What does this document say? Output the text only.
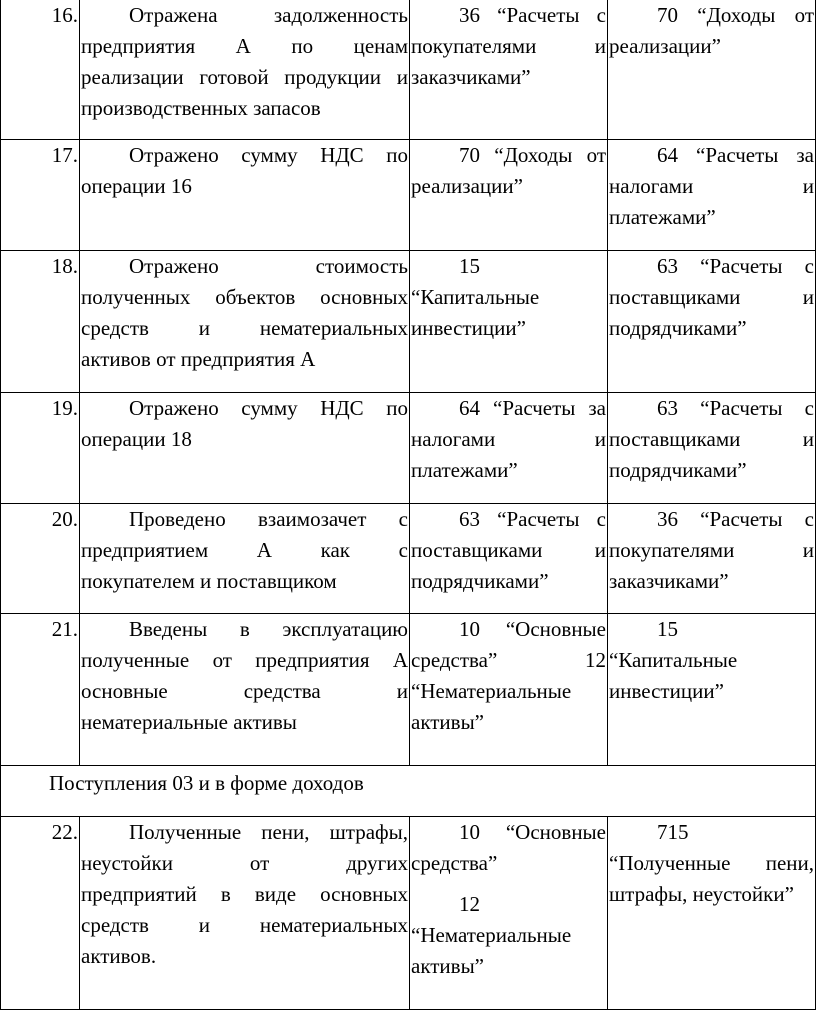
16.	Отражена задолженность
предприятия А по ценам
реализации готовой продукции и
производственных запасов	36 “Расчеты с
покупателями и
заказчиками”	70 “Доходы от
реализации”

17.	Отражено сумму НДС по
операции 16	70 “Доходы от
реализации”	64 “Расчеты за
налогами и
платежами”

18.	Отражено стоимость
полученных объектов основных
средств и нематериальных
активов от предприятия А	15
“Капитальные
инвестиции”	63 “Расчеты с
поставщиками и
подрядчиками”

19.	Отражено сумму НДС по
операции 18	64 “Расчеты за
налогами и
платежами”	63 “Расчеты с
поставщиками и
подрядчиками”

20.	Проведено взаимозачет с
предприятием А как с
покупателем и поставщиком	63 “Расчеты с
поставщиками и
подрядчиками”	36 “Расчеты с
покупателями и
заказчиками”

21.	Введены в эксплуатацию
полученные от предприятия А
основные средства и
нематериальные активы	10 “Основные
средства” 12
“Нематериальные
активы”	15
“Капитальные
инвестиции”

Поступления 03 и в форме доходов			
22.	Полученные пени, штрафы,
неустойки от других
предприятий в виде основных
средств и нематериальных
активов.	10 “Основные
средства”
12
“Нематериальные
активы”	715
“Полученные пени,
штрафы, неустойки”
